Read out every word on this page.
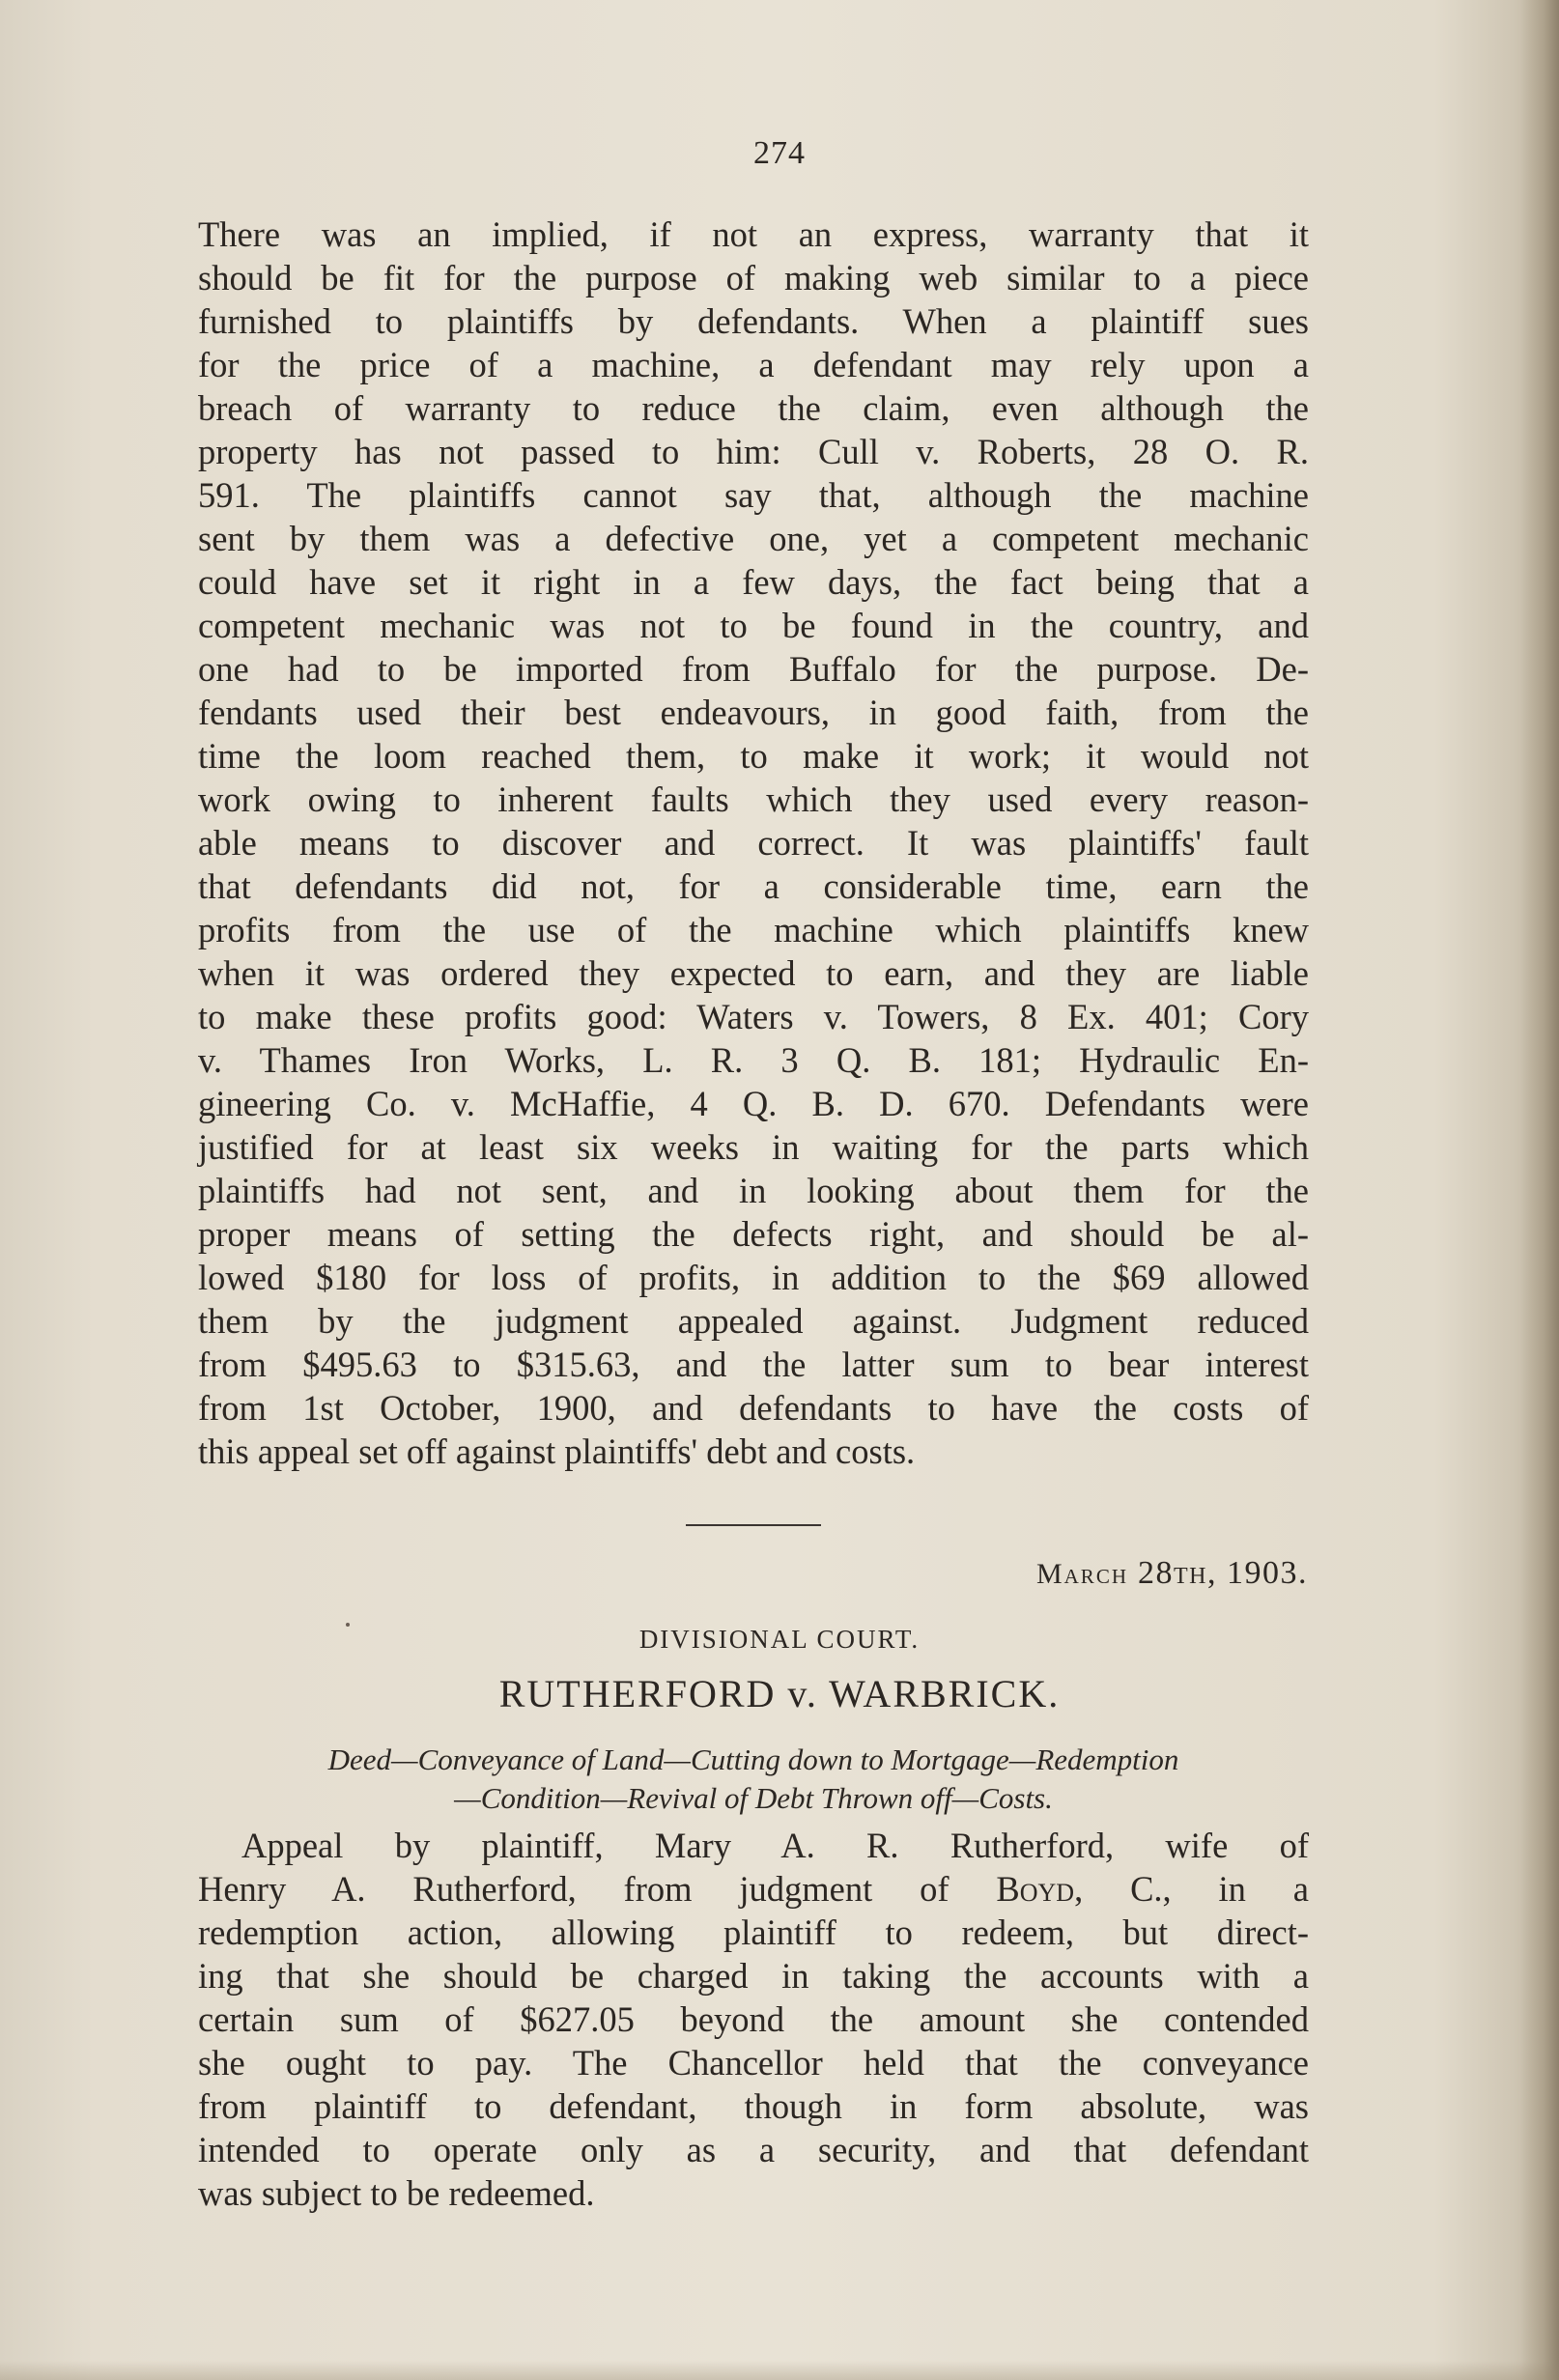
274
There was an implied, if not an express, warranty that it
should be fit for the purpose of making web similar to a piece
furnished to plaintiffs by defendants. When a plaintiff sues
for the price of a machine, a defendant may rely upon a
breach of warranty to reduce the claim, even although the
property has not passed to him: Cull v. Roberts, 28 O. R.
591. The plaintiffs cannot say that, although the machine
sent by them was a defective one, yet a competent mechanic
could have set it right in a few days, the fact being that a
competent mechanic was not to be found in the country, and
one had to be imported from Buffalo for the purpose. De-
fendants used their best endeavours, in good faith, from the
time the loom reached them, to make it work; it would not
work owing to inherent faults which they used every reason-
able means to discover and correct. It was plaintiffs' fault
that defendants did not, for a considerable time, earn the
profits from the use of the machine which plaintiffs knew
when it was ordered they expected to earn, and they are liable
to make these profits good: Waters v. Towers, 8 Ex. 401; Cory
v. Thames Iron Works, L. R. 3 Q. B. 181; Hydraulic En-
gineering Co. v. McHaffie, 4 Q. B. D. 670. Defendants were
justified for at least six weeks in waiting for the parts which
plaintiffs had not sent, and in looking about them for the
proper means of setting the defects right, and should be al-
lowed $180 for loss of profits, in addition to the $69 allowed
them by the judgment appealed against. Judgment reduced
from $495.63 to $315.63, and the latter sum to bear interest
from 1st October, 1900, and defendants to have the costs of
this appeal set off against plaintiffs' debt and costs.
March 28th, 1903.
DIVISIONAL COURT.
RUTHERFORD v. WARBRICK.
Deed—Conveyance of Land—Cutting down to Mortgage—Redemption
—Condition—Revival of Debt Thrown off—Costs.
Appeal by plaintiff, Mary A. R. Rutherford, wife of
Henry A. Rutherford, from judgment of Boyd, C., in a
redemption action, allowing plaintiff to redeem, but direct-
ing that she should be charged in taking the accounts with a
certain sum of $627.05 beyond the amount she contended
she ought to pay. The Chancellor held that the conveyance
from plaintiff to defendant, though in form absolute, was
intended to operate only as a security, and that defendant
was subject to be redeemed.
